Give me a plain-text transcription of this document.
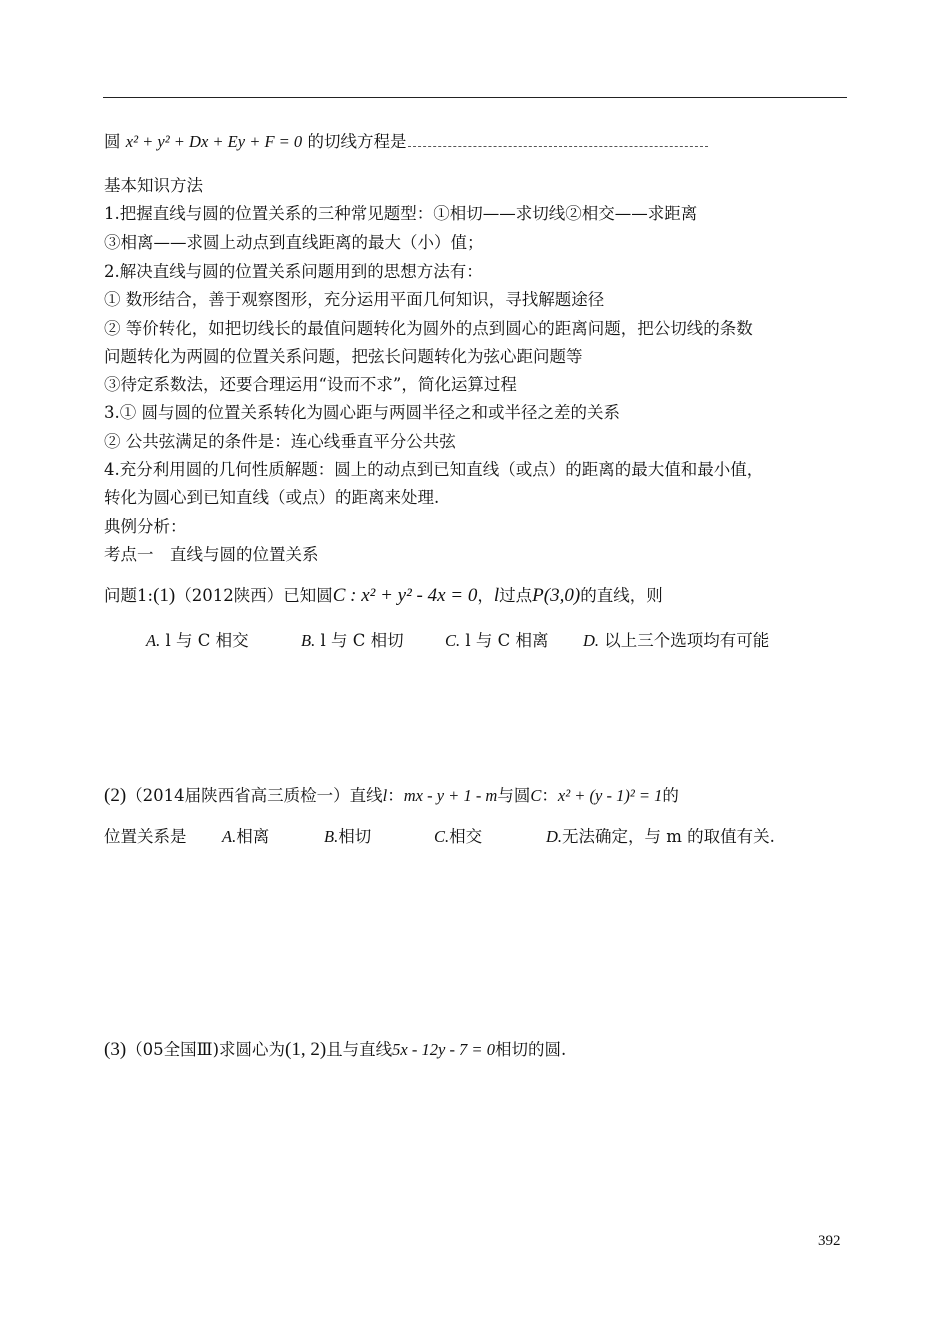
圆 x² + y² + Dx + Ey + F = 0 的切线方程是
基本知识方法
1.把握直线与圆的位置关系的三种常见题型：①相切——求切线②相交——求距离
③相离——求圆上动点到直线距离的最大（小）值；
2.解决直线与圆的位置关系问题用到的思想方法有：
① 数形结合，善于观察图形，充分运用平面几何知识，寻找解题途径
② 等价转化，如把切线长的最值问题转化为圆外的点到圆心的距离问题，把公切线的条数
问题转化为两圆的位置关系问题，把弦长问题转化为弦心距问题等
③待定系数法，还要合理运用“设而不求”，简化运算过程
3.① 圆与圆的位置关系转化为圆心距与两圆半径之和或半径之差的关系
② 公共弦满足的条件是：连心线垂直平分公共弦
4.充分利用圆的几何性质解题：圆上的动点到已知直线（或点）的距离的最大值和最小值，
转化为圆心到已知直线（或点）的距离来处理.
典例分析：
考点一　直线与圆的位置关系
问题1:(1)（2012陕西）已知圆C : x² + y² - 4x = 0，l过点P(3,0)的直线，则
A. l 与 C 相交	B. l 与 C 相切	C. l 与 C 相离 D. 以上三个选项均有可能
(2)（2014届陕西省高三质检一）直线l：mx - y + 1 - m与圆C：x² + (y - 1)² = 1的
位置关系是 A.相离	B.相切	C.相交	D.无法确定，与 m 的取值有关.
(3)（05全国Ⅲ)求圆心为(1, 2)且与直线5x - 12y - 7 = 0相切的圆.
392
